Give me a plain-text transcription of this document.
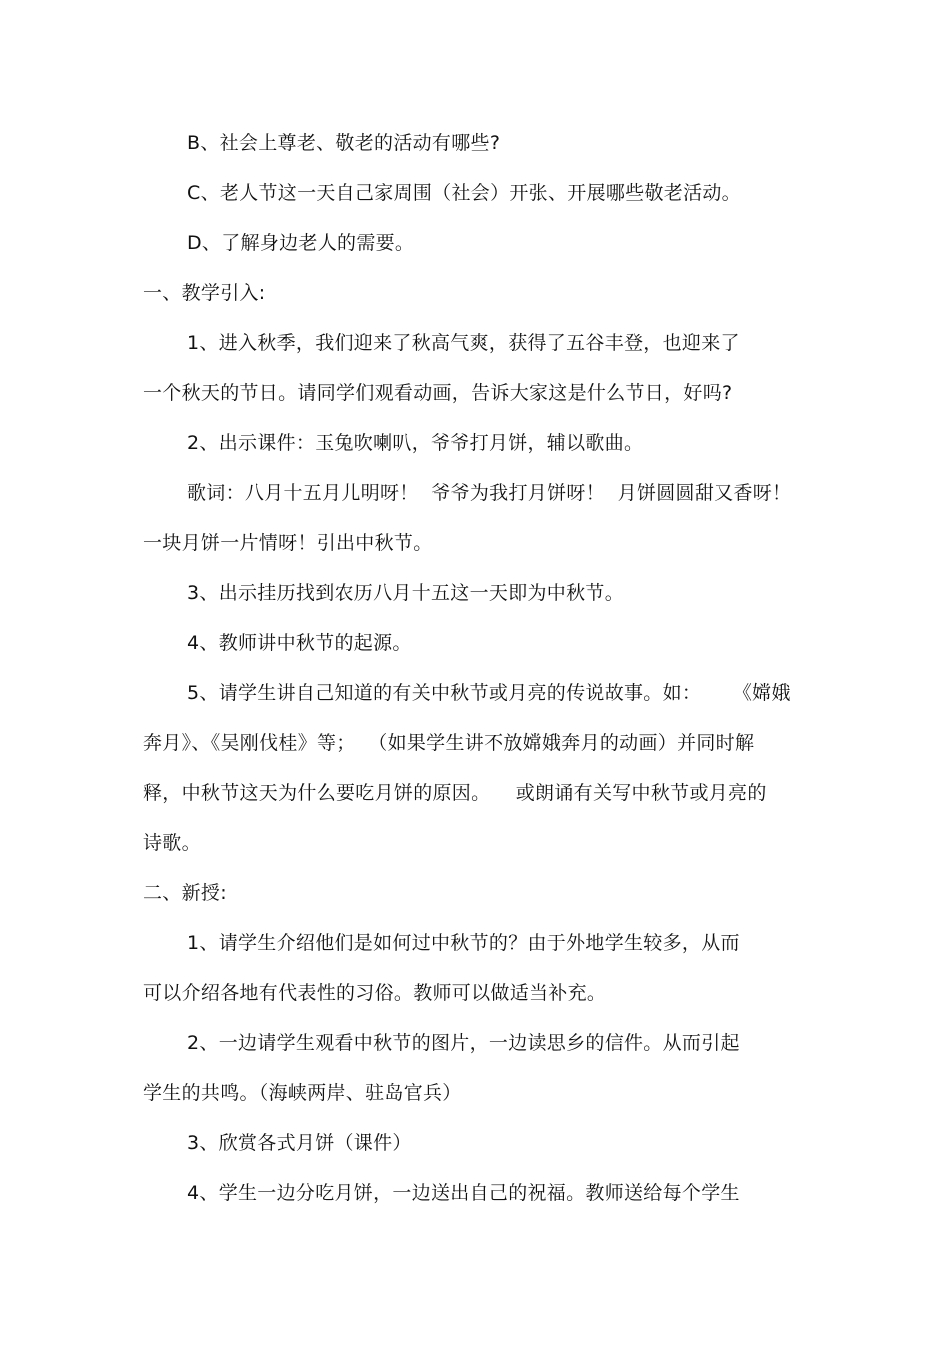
B、社会上尊老、敬老的活动有哪些?
C、老人节这一天自己家周围（社会）开张、开展哪些敬老活动。
D、了解身边老人的需要。
一、教学引入:
1、进入秋季，我们迎来了秋高气爽，获得了五谷丰登，也迎来了
一个秋天的节日。请同学们观看动画，告诉大家这是什么节日，好吗?
2、出示课件：玉兔吹喇叭，爷爷打月饼，辅以歌曲。
歌词：八月十五月儿明呀！  爷爷为我打月饼呀！  月饼圆圆甜又香呀！
一块月饼一片情呀！引出中秋节。
3、出示挂历找到农历八月十五这一天即为中秋节。
4、教师讲中秋节的起源。
5、请学生讲自己知道的有关中秋节或月亮的传说故事。如：     《嫦娥
奔月》、《吴刚伐桂》等；  （如果学生讲不放嫦娥奔月的动画）并同时解
释，中秋节这天为什么要吃月饼的原因。    或朗诵有关写中秋节或月亮的
诗歌。
二、新授:
1、请学生介绍他们是如何过中秋节的？由于外地学生较多，从而
可以介绍各地有代表性的习俗。教师可以做适当补充。
2、一边请学生观看中秋节的图片，一边读思乡的信件。从而引起
学生的共鸣。（海峡两岸、驻岛官兵）
3、欣赏各式月饼（课件）
4、学生一边分吃月饼，一边送出自己的祝福。教师送给每个学生
